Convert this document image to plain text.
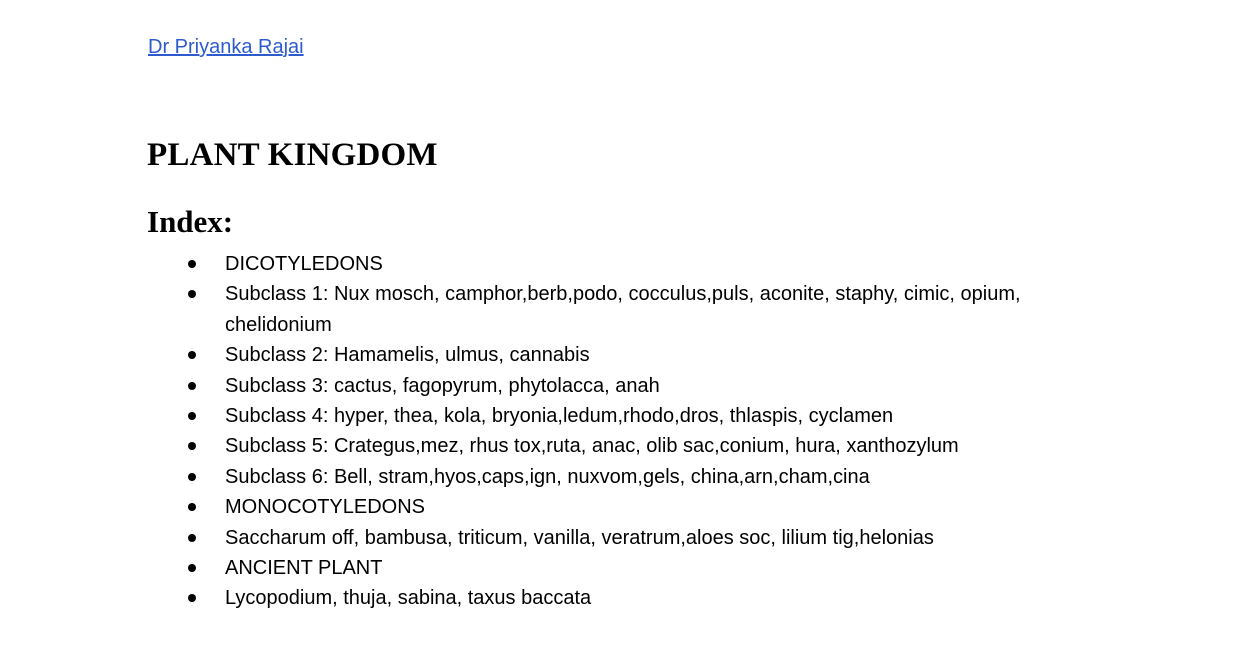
Dr Priyanka Rajai
PLANT KINGDOM
Index:
DICOTYLEDONS
Subclass 1: Nux mosch, camphor,berb,podo, cocculus,puls, aconite, staphy, cimic, opium, chelidonium
Subclass 2: Hamamelis, ulmus, cannabis
Subclass 3: cactus, fagopyrum, phytolacca, anah
Subclass 4: hyper, thea, kola, bryonia,ledum,rhodo,dros, thlaspis, cyclamen
Subclass 5: Crategus,mez, rhus tox,ruta, anac, olib sac,conium, hura, xanthozylum
Subclass 6: Bell, stram,hyos,caps,ign, nuxvom,gels, china,arn,cham,cina
MONOCOTYLEDONS
Saccharum off, bambusa, triticum, vanilla, veratrum,aloes soc, lilium tig,helonias
ANCIENT PLANT
Lycopodium, thuja, sabina, taxus baccata
